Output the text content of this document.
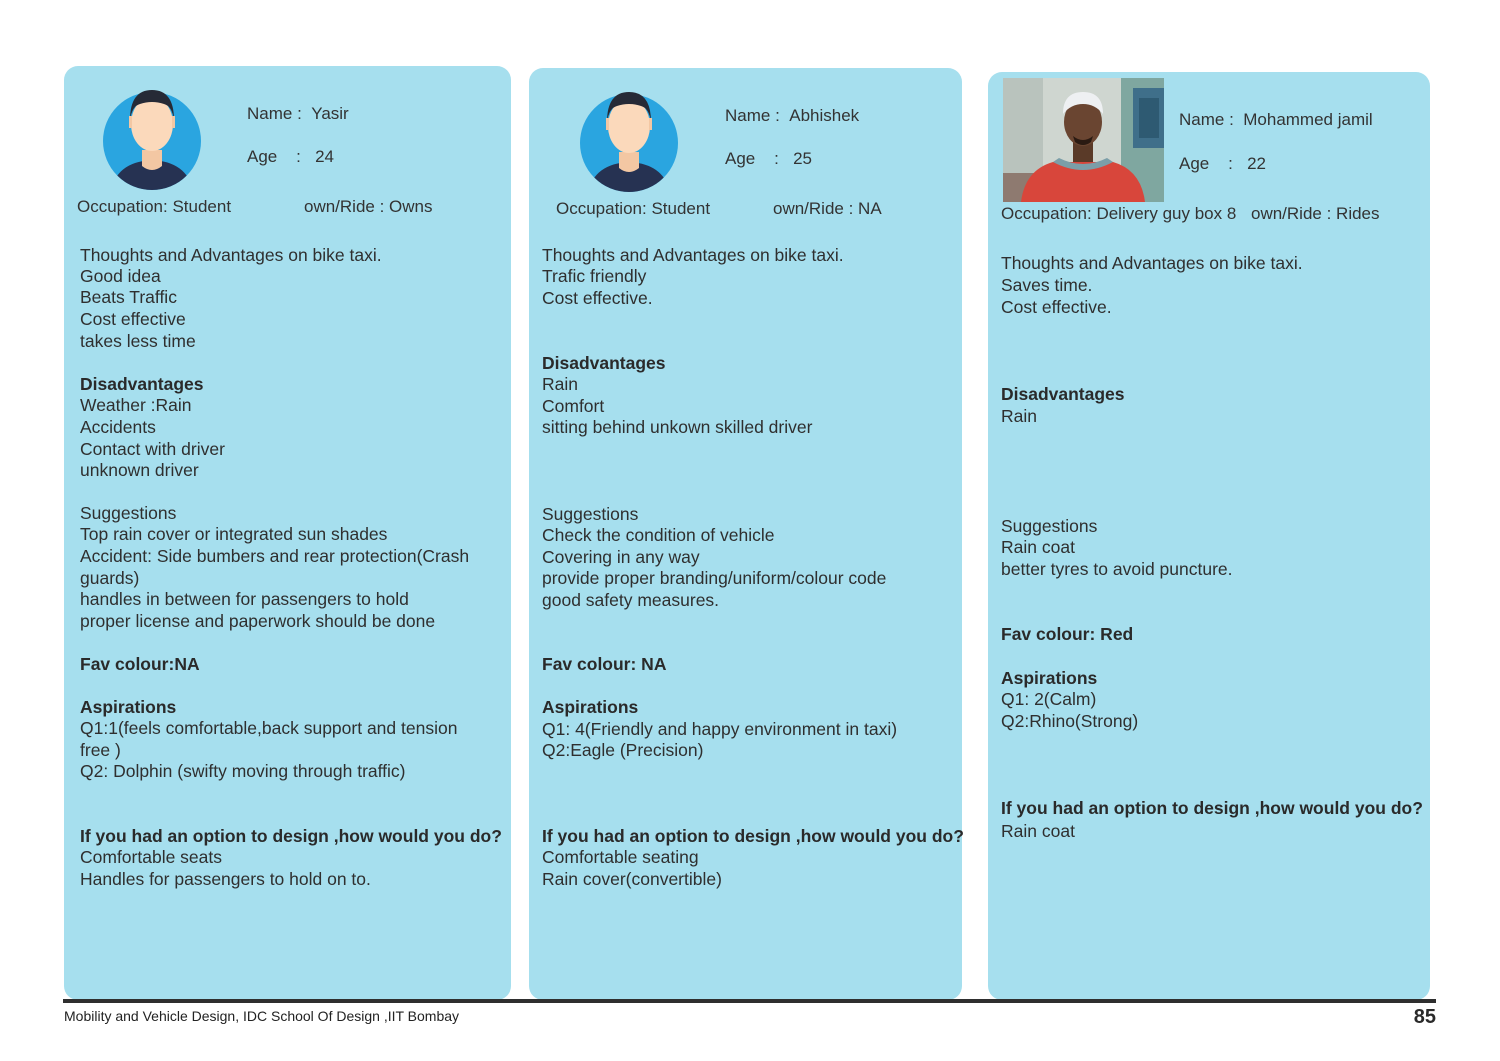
Name : Yasir
Age : 24
Occupation: Student	own/Ride : Owns
Thoughts and Advantages on bike taxi.
Good idea
Beats Traffic
Cost effective
takes less time
Disadvantages
Weather :Rain
Accidents
Contact with driver
unknown driver
Suggestions
Top rain cover or integrated sun shades
Accident: Side bumbers and rear protection(Crash
guards)
handles in between for passengers to hold
proper license and paperwork should be done
Fav colour:NA
Aspirations
Q1:1(feels comfortable,back support and tension
free )
Q2: Dolphin (swifty moving through traffic)
If you had an option to design ,how would you do?
Comfortable seats
Handles for passengers to hold on to.
Name : Abhishek
Age : 25
Occupation: Student	own/Ride : NA
Thoughts and Advantages on bike taxi.
Trafic friendly
Cost effective.
Disadvantages
Rain
Comfort
sitting behind unkown skilled driver
Suggestions
Check the condition of vehicle
Covering in any way
provide proper branding/uniform/colour code
good safety measures.
Fav colour: NA
Aspirations
Q1: 4(Friendly and happy environment in taxi)
Q2:Eagle (Precision)
If you had an option to design ,how would you do?
Comfortable seating
Rain cover(convertible)
Name : Mohammed jamil
Age : 22
Occupation: Delivery guy box 8 own/Ride : Rides
Thoughts and Advantages on bike taxi.
Saves time.
Cost effective.
Disadvantages
Rain
Suggestions
Rain coat
better tyres to avoid puncture.
Fav colour: Red
Aspirations
Q1: 2(Calm)
Q2:Rhino(Strong)
If you had an option to design ,how would you do?
Rain coat
Mobility and Vehicle Design, IDC School Of Design ,IIT Bombay	85
